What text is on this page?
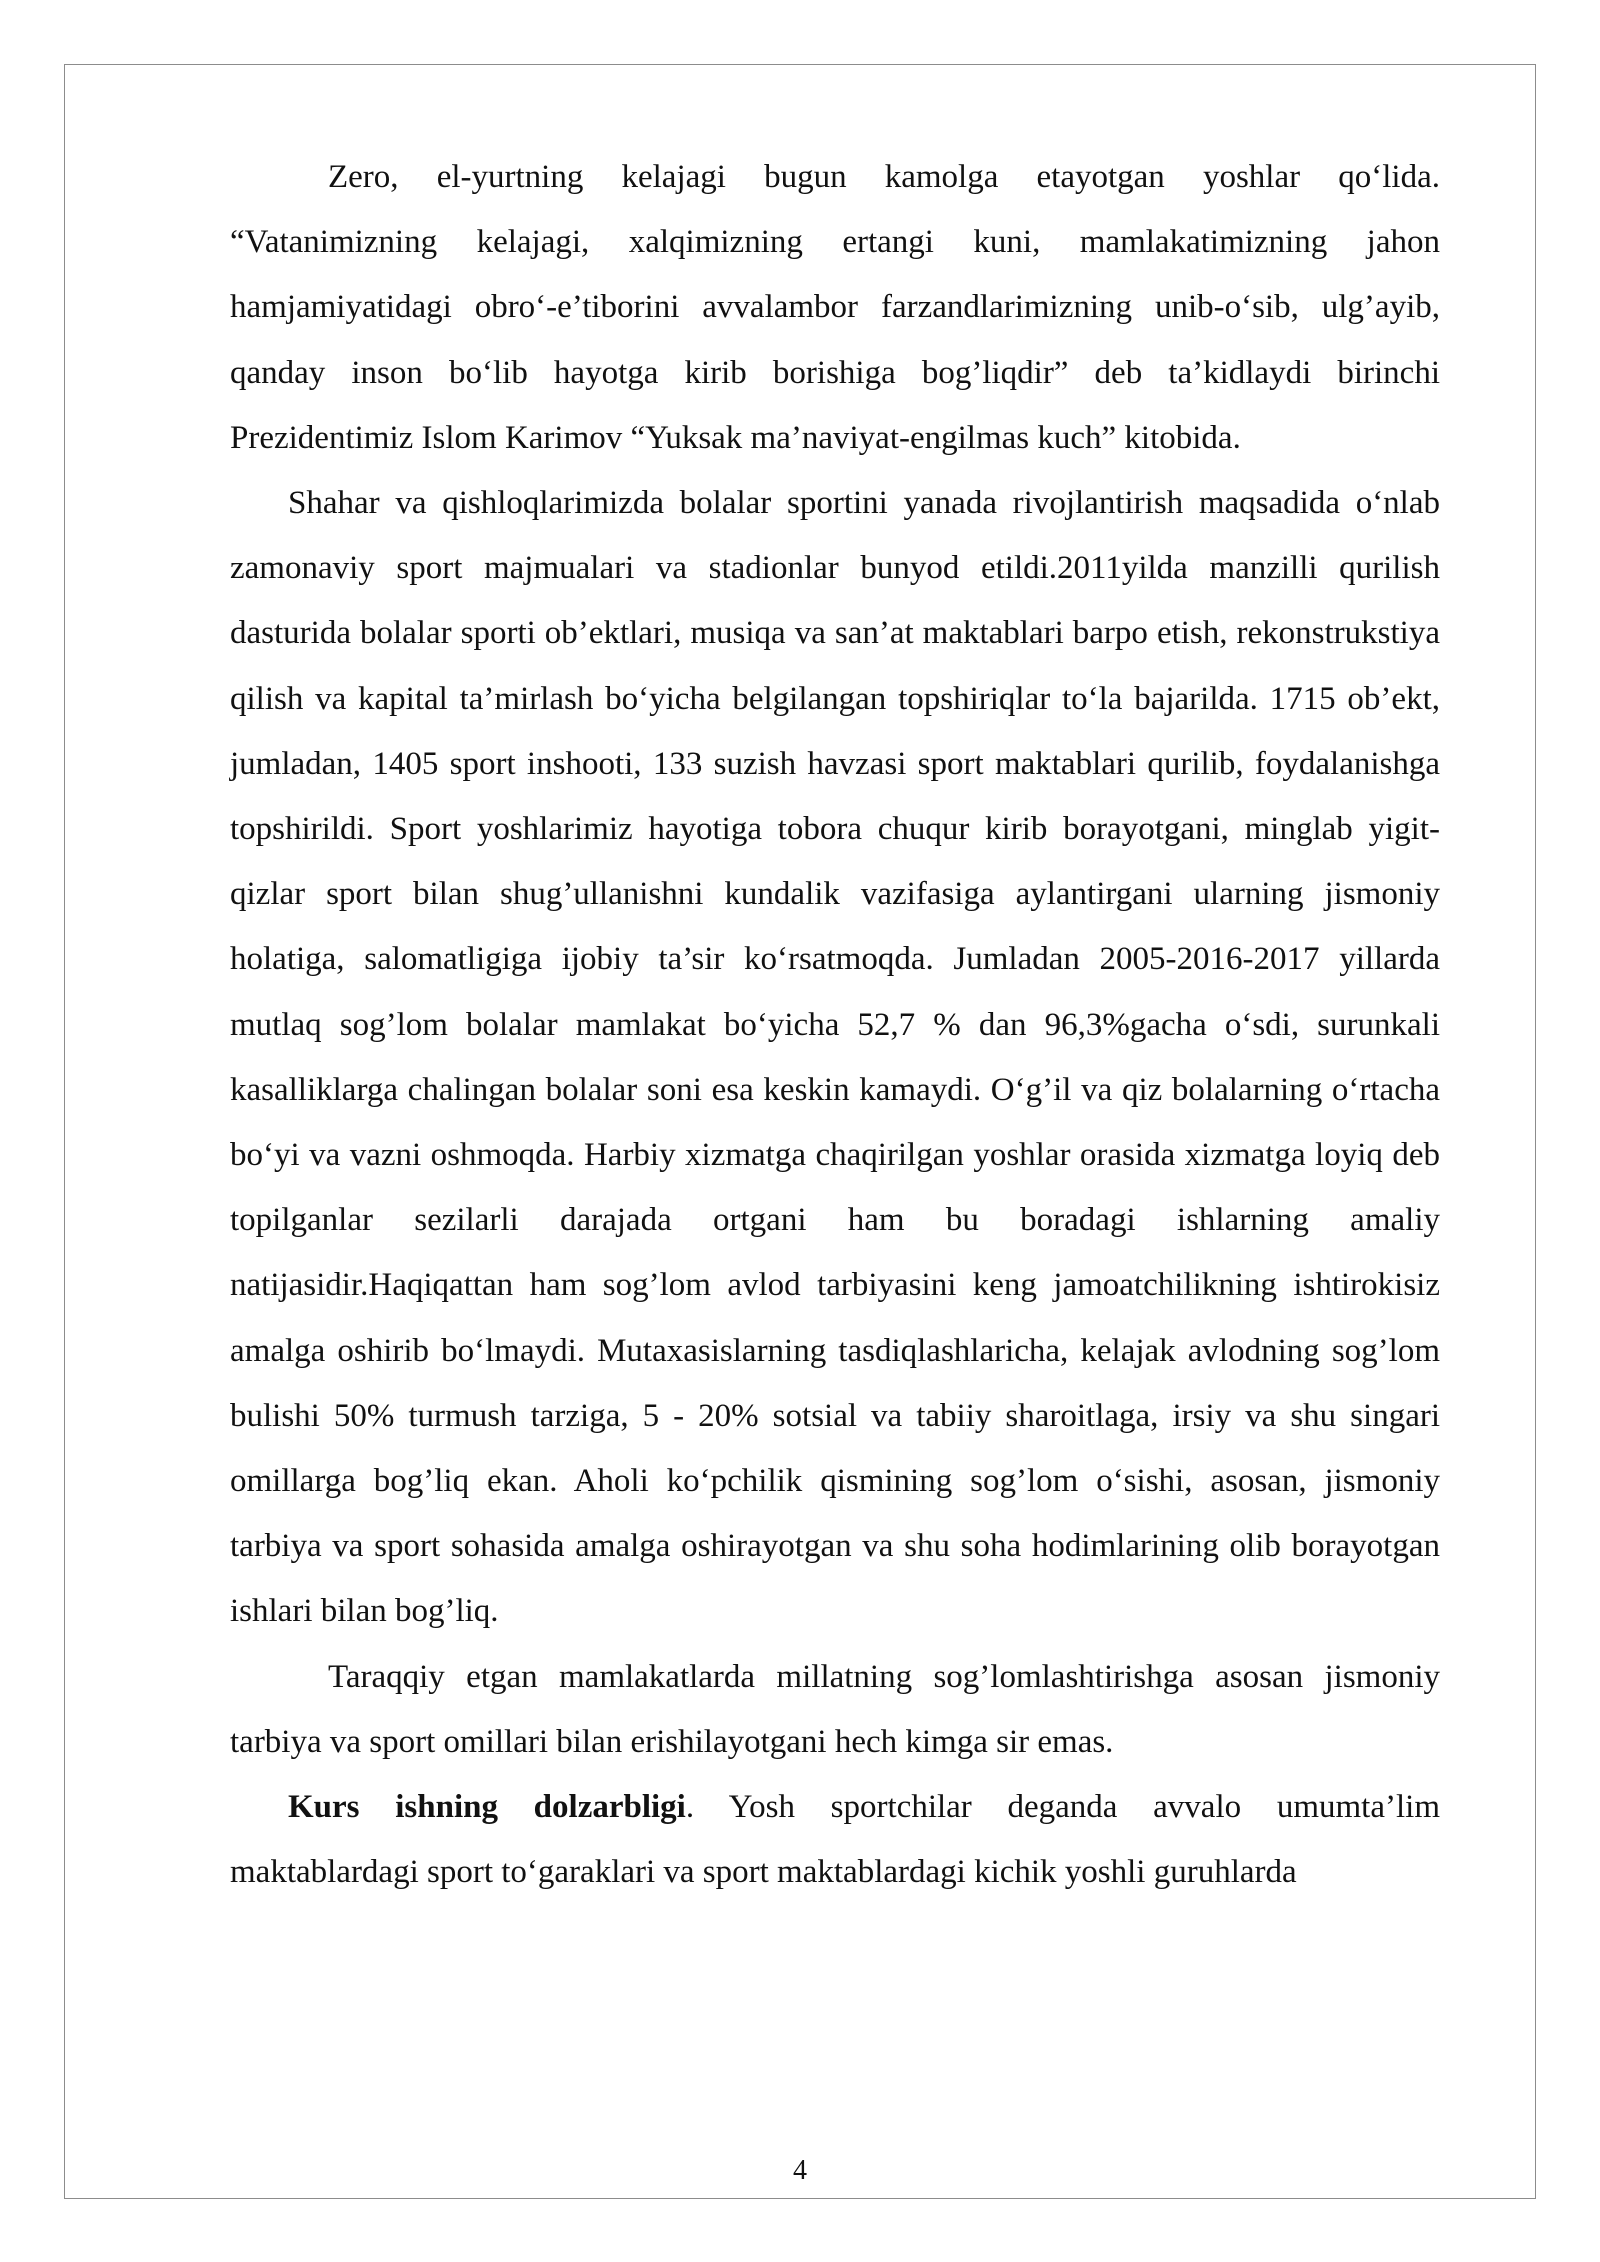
Zero, el-yurtning kelajagi bugun kamolga etayotgan yoshlar qo‘lida. “Vatanimizning kelajagi, xalqimizning ertangi kuni, mamlakatimizning jahon hamjamiyatidagi obro‘-e’tiborini avvalambor farzandlarimizning unib-o‘sib, ulg’ayib, qanday inson bo‘lib hayotga kirib borishiga bog’liqdir” deb ta’kidlaydi birinchi Prezidentimiz Islom Karimov “Yuksak ma’naviyat-engilmas kuch” kitobida.

Shahar va qishloqlarimizda bolalar sportini yanada rivojlantirish maqsadida o‘nlab zamonaviy sport majmualari va stadionlar bunyod etildi.2011yilda manzilli qurilish dasturida bolalar sporti ob’ektlari, musiqa va san’at maktablari barpo etish, rekonstrukstiya qilish va kapital ta’mirlash bo‘yicha belgilangan topshiriqlar to‘la bajarilda. 1715 ob’ekt, jumladan, 1405 sport inshooti, 133 suzish havzasi sport maktablari qurilib, foydalanishga topshirildi. Sport yoshlarimiz hayotiga tobora chuqur kirib borayotgani, minglab yigit-qizlar sport bilan shug’ullanishni kundalik vazifasiga aylantirgani ularning jismoniy holatiga, salomatligiga ijobiy ta’sir ko‘rsatmoqda. Jumladan 2005-2016-2017 yillarda mutlaq sog’lom bolalar mamlakat bo‘yicha 52,7 % dan 96,3%gacha o‘sdi, surunkali kasalliklarga chalingan bolalar soni esa keskin kamaydi. O‘g’il va qiz bolalarning o‘rtacha bo‘yi va vazni oshmoqda. Harbiy xizmatga chaqirilgan yoshlar orasida xizmatga loyiq deb topilganlar sezilarli darajada ortgani ham bu boradagi ishlarning amaliy natijasidir.Haqiqattan ham sog’lom avlod tarbiyasini keng jamoatchilikning ishtirokisiz amalga oshirib bo‘lmaydi. Mutaxasislarning tasdiqlashlaricha, kelajak avlodning sog’lom bulishi 50% turmush tarziga, 5 - 20% sotsial va tabiiy sharoitlaga, irsiy va shu singari omillarga bog’liq ekan. Aholi ko‘pchilik qismining sog’lom o‘sishi, asosan, jismoniy tarbiya va sport sohasida amalga oshirayotgan va shu soha hodimlarining olib borayotgan ishlari bilan bog’liq.

Taraqqiy etgan mamlakatlarda millatning sog’lomlashtirishga asosan jismoniy tarbiya va sport omillari bilan erishilayotgani hech kimga sir emas.

Kurs ishning dolzarbligi. Yosh sportchilar deganda avvalo umumta’lim maktablardagi sport to‘garaklari va sport maktablardagi kichik yoshli guruhlarda

4
